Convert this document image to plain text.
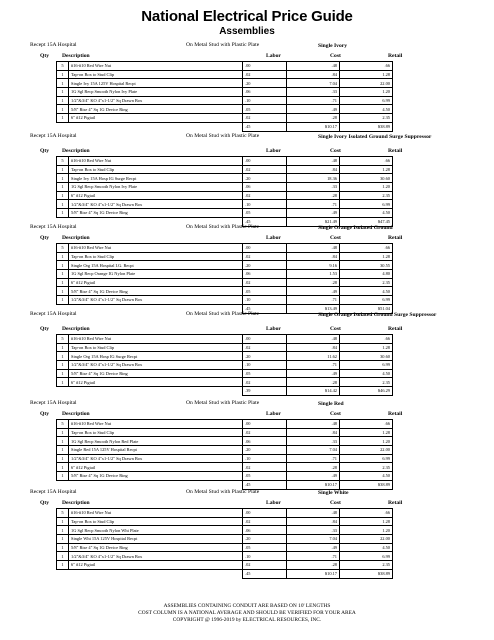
National Electrical Price Guide
Assemblies
Recept 15A Hospital	On Metal Stud with Plastic Plate	Single Ivory
Qty Description	Labor	Cost	Retail
5	#16-#10 Red Wire Nut	.00	.48	.66
1	Tap-on Box to Stud Clip	.02	.84	1.28
1	Single Ivy 15A 125V Hospital Recpt	.20	7.04	22.00
1	1G Sgl Recp Smooth Nylon Ivy Plate	.06	.33	1.20
1	1/2"&3/4" KO 4"x1-1/2" Sq Drawn Box	.10	.71	6.99
1	5/8" Rise 4" Sq 1G Device Ring	.05	.49	4.50
1	6" #12 Pigtail	.02	.28	2.35
		.45	$10.17	$38.89
Recept 15A Hospital	On Metal Stud with Plastic Plate	Single Ivory Isolated Ground Surge Suppressor
Qty Description	Labor	Cost	Retail
5	#16-#10 Red Wire Nut	.00	.48	.66
1	Tap-on Box to Stud Clip	.02	.84	1.28
1	Single Ivy 15A Hosp IG Surge Recpt	.20	18.36	30.60
1	1G Sgl Recp Smooth Nylon Ivy Plate	.06	.33	1.20
1	6" #12 Pigtail	.02	.28	2.35
1	1/2"&3/4" KO 4"x1-1/2" Sq Drawn Box	.10	.71	6.99
1	5/8" Rise 4" Sq 1G Device Ring	.05	.49	4.50
		.45	$21.49	$47.45
Recept 15A Hospital	On Metal Stud with Plastic Plate	Single Orange Isolated Ground
Qty Description	Labor	Cost	Retail
5	#16-#10 Red Wire Nut	.00	.48	.66
1	Tap-on Box to Stud Clip	.02	.84	1.28
1	Single Org 15A Hospital I.G. Recpt	.20	9.16	30.55
1	1G Sgl Recp Orange IG Nylon Plate	.06	1.53	4.80
1	6" #12 Pigtail	.02	.28	2.35
1	5/8" Rise 4" Sq 1G Device Ring	.05	.49	4.50
1	1/2"&3/4" KO 4"x1-1/2" Sq Drawn Box	.10	.71	6.99
		.45	$13.49	$51.04
Recept 15A Hospital	On Metal Stud with Plastic Plate	Single Orange Isolated Ground Surge Suppressor
Qty Description	Labor	Cost	Retail
5	#16-#10 Red Wire Nut	.00	.48	.66
1	Tap-on Box to Stud Clip	.02	.84	1.28
1	Single Org 15A Hosp IG Surge Recpt	.20	11.62	30.60
1	1/2"&3/4" KO 4"x1-1/2" Sq Drawn Box	.10	.71	6.99
1	5/8" Rise 4" Sq 1G Device Ring	.05	.49	4.50
1	6" #12 Pigtail	.02	.28	2.35
		.39	$14.42	$46.29
Recept 15A Hospital	On Metal Stud with Plastic Plate	Single Red
Qty Description	Labor	Cost	Retail
5	#16-#10 Red Wire Nut	.00	.48	.66
1	Tap-on Box to Stud Clip	.02	.84	1.28
1	1G Sgl Recp Smooth Nylon Red Plate	.06	.33	1.20
1	Single Red 15A 125V Hospital Recpt	.20	7.04	22.00
1	1/2"&3/4" KO 4"x1-1/2" Sq Drawn Box	.10	.71	6.99
1	6" #12 Pigtail	.02	.28	2.35
1	5/8" Rise 4" Sq 1G Device Ring	.05	.49	4.50
		.45	$10.17	$38.89
Recept 15A Hospital	On Metal Stud with Plastic Plate	Single White
Qty Description	Labor	Cost	Retail
5	#16-#10 Red Wire Nut	.00	.48	.66
1	Tap-on Box to Stud Clip	.02	.84	1.28
1	1G Sgl Recp Smooth Nylon Wht Plate	.06	.33	1.20
1	Single Wht 15A 125V Hospital Recpt	.20	7.04	22.00
1	5/8" Rise 4" Sq 1G Device Ring	.05	.49	4.50
1	1/2"&3/4" KO 4"x1-1/2" Sq Drawn Box	.10	.71	6.99
1	6" #12 Pigtail	.02	.28	2.35
		.45	$10.17	$38.89
ASSEMBLIES CONTAINING CONDUIT ARE BASED ON 10' LENGTHS
COST COLUMN IS A NATIONAL AVERAGE AND SHOULD BE VERIFIED FOR YOUR AREA
COPYRIGHT @ 1996-2019 by ELECTRICAL RESOURCES, INC.
